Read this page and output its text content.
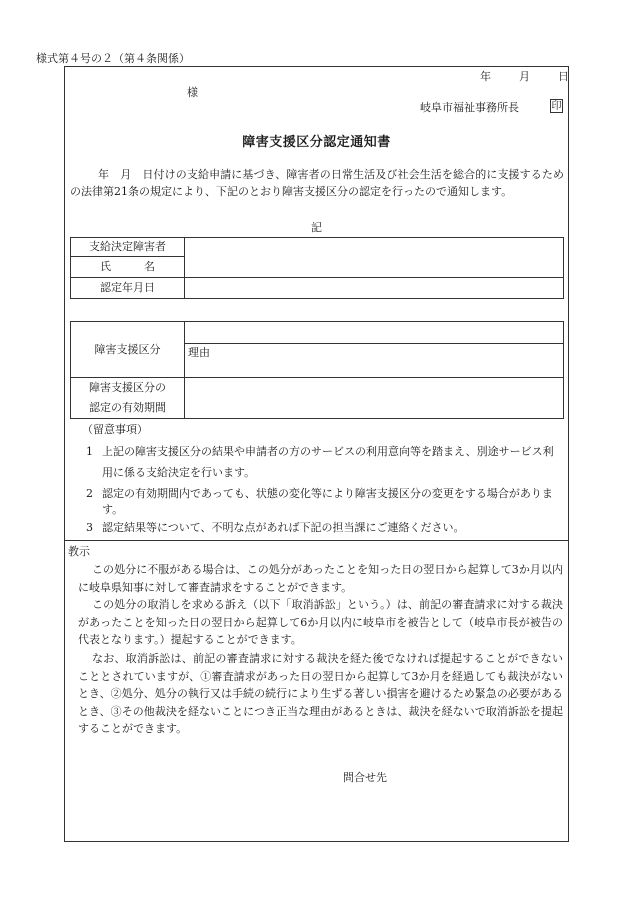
様式第４号の２（第４条関係）
年	月	日
様
岐阜市福祉事務所長	印
障害支援区分認定通知書
年　月　日付けの支給申請に基づき、障害者の日常生活及び社会生活を総合的に支援するための法律第21条の規定により、下記のとおり障害支援区分の認定を行ったので通知します。
記
支給決定障害者	
氏　　　名	
認定年月日	
障害支援区分	
	理由
障害支援区分の	
認定の有効期間	
（留意事項）
1 上記の障害支援区分の結果や申請者の方のサービスの利用意向等を踏まえ、別途サービス利用に係る支給決定を行います。
2 認定の有効期間内であっても、状態の変化等により障害支援区分の変更をする場合があります。
3 認定結果等について、不明な点があれば下記の担当課にご連絡ください。
教示
この処分に不服がある場合は、この処分があったことを知った日の翌日から起算して3か月以内に岐阜県知事に対して審査請求をすることができます。
この処分の取消しを求める訴え（以下「取消訴訟」という。）は、前記の審査請求に対する裁決があったことを知った日の翌日から起算して6か月以内に岐阜市を被告として（岐阜市長が被告の代表となります。）提起することができます。
なお、取消訴訟は、前記の審査請求に対する裁決を経た後でなければ提起することができないこととされていますが、①審査請求があった日の翌日から起算して3か月を経過しても裁決がないとき、②処分、処分の執行又は手続の続行により生ずる著しい損害を避けるため緊急の必要があるとき、③その他裁決を経ないことにつき正当な理由があるときは、裁決を経ないで取消訴訟を提起することができます。
問合せ先
